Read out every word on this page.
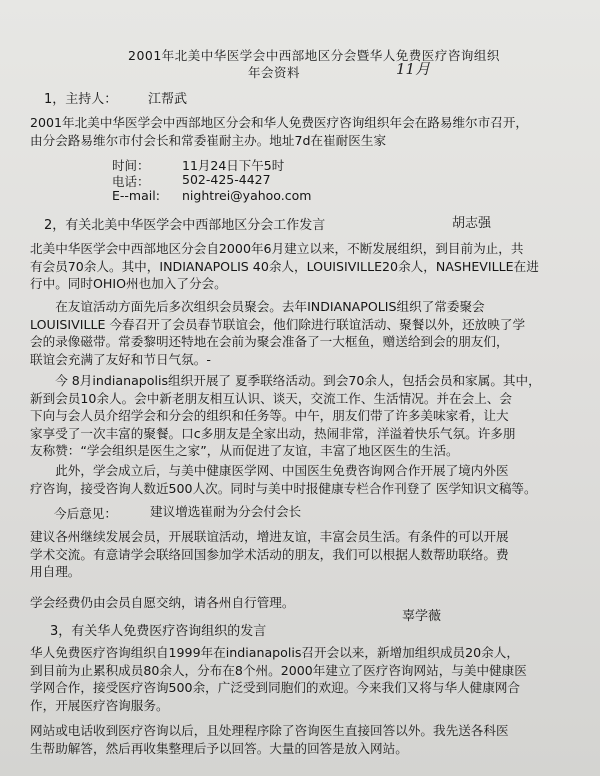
2001年北美中华医学会中西部地区分会暨华人免费医疗咨询组织
年会资料	11月
1，主持人： 江帮武
2001年北美中华医学会中西部地区分会和华人免费医疗咨询组织年会在路易维尔市召开，
由分会路易维尔市付会长和常委崔耐主办。地址7d在崔耐医生家
时间：	11月24日下午5时
电话：	502-425-4427
E--mail: nightrei@yahoo.com
2，有关北美中华医学会中西部地区分会工作发言	胡志强
北美中华医学会中西部地区分会自2000年6月建立以来，不断发展组织，到目前为止，共
有会员70余人。其中，INDIANAPOLIS 40余人，LOUISIVILLE20余人，NASHEVILLE在进
行中。同时OHIO州也加入了分会。
　　在友谊活动方面先后多次组织会员聚会。去年INDIANAPOLIS组织了常委聚会
LOUISIVILLE 今春召开了会员春节联谊会，他们除进行联谊活动、聚餐以外，还放映了学
会的录像磁带。常委黎明还特地在会前为聚会准备了一大框鱼，赠送给到会的朋友们，
联谊会充满了友好和节日气氛。-
　　今 8月indianapolis组织开展了 夏季联络活动。到会70余人，包括会员和家属。其中，
新到会员10余人。会中新老朋友相互认识、谈天，交流工作、生活情况。并在会上、会
下向与会人员介绍学会和分会的组织和任务等。中午，朋友们带了许多美味家肴，让大
家享受了一次丰富的聚餐。口c多朋友是全家出动，热闹非常，洋溢着快乐气氛。许多朋
友称赞：“学会组织是医生之家”，从而促进了友谊，丰富了地区医生的生活。
　　此外，学会成立后，与美中健康医学网、中国医生免费咨询网合作开展了境内外医
疗咨询，接受咨询人数近500人次。同时与美中时报健康专栏合作刊登了 医学知识文稿等。
今后意见：	建议增选崔耐为分会付会长
建议各州继续发展会员，开展联谊活动，增进友谊，丰富会员生活。有条件的可以开展
学术交流。有意请学会联络回国参加学术活动的朋友，我们可以根据人数帮助联络。费
用自理。
学会经费仍由会员自愿交纳，请各州自行管理。
3，有关华人免费医疗咨询组织的发言
辜学薇
华人免费医疗咨询组织自1999年在indianapolis召开会以来，新增加组织成员20余人，
到目前为止累积成员80余人，分布在8个州。2000年建立了医疗咨询网站，与美中健康医
学网合作，接受医疗咨询500余，广泛受到同胞们的欢迎。今来我们又将与华人健康网合
作，开展医疗咨询服务。
网站或电话收到医疗咨询以后，且处理程序除了咨询医生直接回答以外。我先送各科医
生帮助解答，然后再收集整理后予以回答。大量的回答是放入网站。
